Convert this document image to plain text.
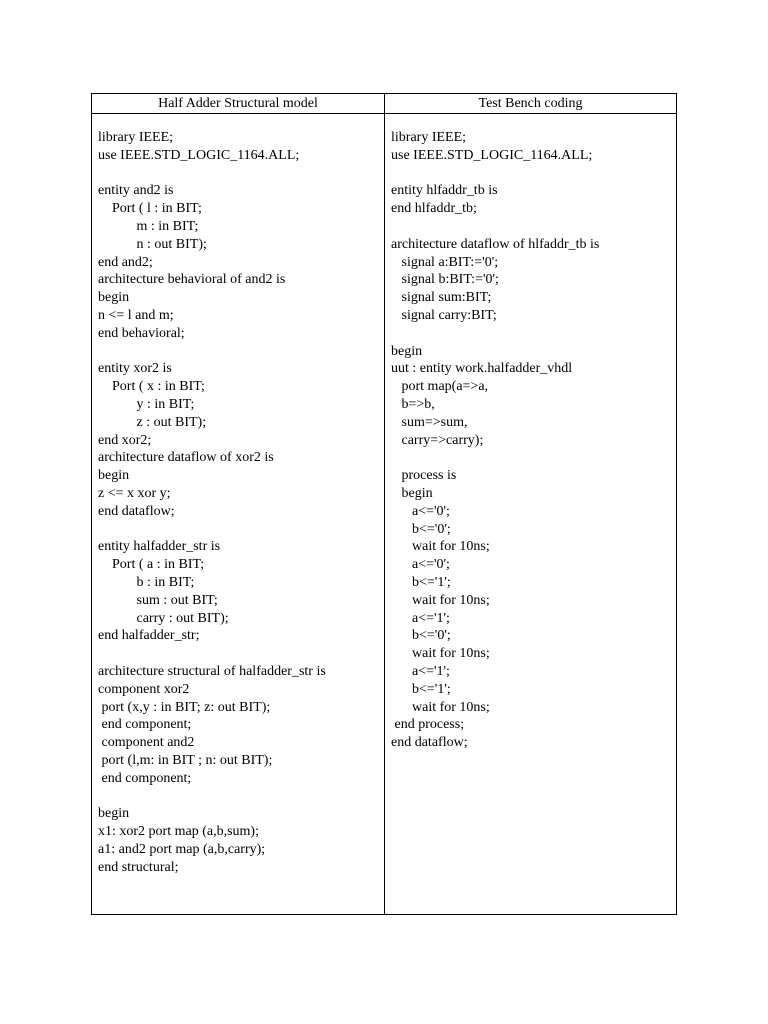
Half Adder Structural model	Test Bench coding
library IEEE;
use IEEE.STD_LOGIC_1164.ALL;
entity and2 is
Port ( l : in BIT;
m : in BIT;
n : out BIT);
end and2;
architecture behavioral of and2 is
begin
n <= l and m;
end behavioral;
entity xor2 is
Port ( x : in BIT;
y : in BIT;
z : out BIT);
end xor2;
architecture dataflow of xor2 is
begin
z <= x xor y;
end dataflow;
entity halfadder_str is
Port ( a : in BIT;
b : in BIT;
sum : out BIT;
carry : out BIT);
end halfadder_str;
architecture structural of halfadder_str is
component xor2
port (x,y : in BIT; z: out BIT);
end component;
component and2
port (l,m: in BIT ; n: out BIT);
end component;
begin
x1: xor2 port map (a,b,sum);
a1: and2 port map (a,b,carry);
end structural;
library IEEE;
use IEEE.STD_LOGIC_1164.ALL;
entity hlfaddr_tb is
end hlfaddr_tb;
architecture dataflow of hlfaddr_tb is
signal a:BIT:='0';
signal b:BIT:='0';
signal sum:BIT;
signal carry:BIT;
begin
uut : entity work.halfadder_vhdl
port map(a=>a,
b=>b,
sum=>sum,
carry=>carry);
process is
begin
a<='0';
b<='0';
wait for 10ns;
a<='0';
b<='1';
wait for 10ns;
a<='1';
b<='0';
wait for 10ns;
a<='1';
b<='1';
wait for 10ns;
end process;
end dataflow;
